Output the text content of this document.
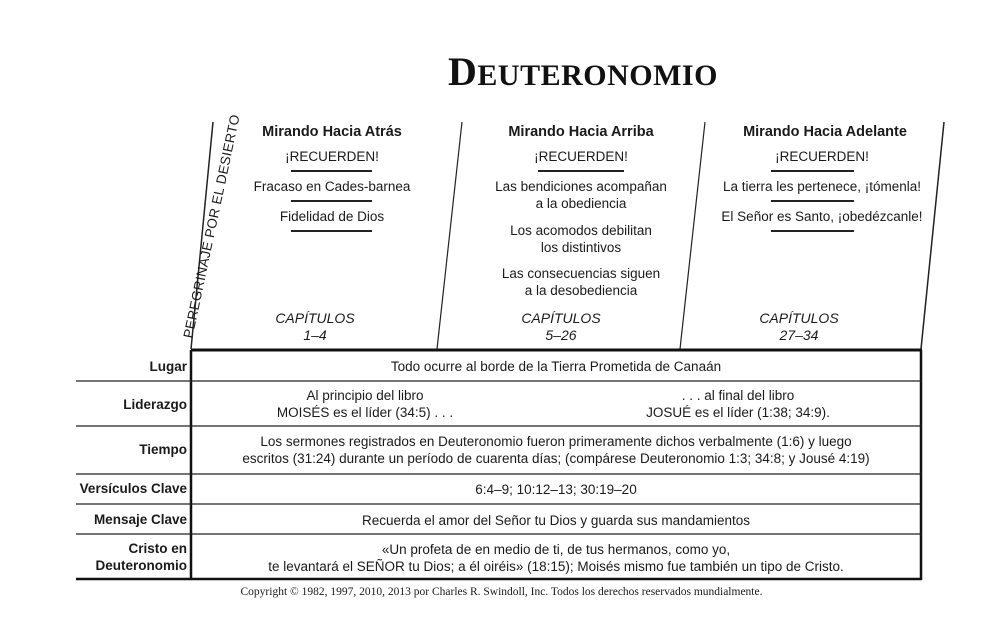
DEUTERONOMIO
PEREGRINAJE POR EL DESIERTO	Mirando Hacia Atrás
¡RECUERDEN!
Fracaso en Cades-barnea
Fidelidad de Dios
CAPÍTULOS
1–4
Mirando Hacia Arriba
¡RECUERDEN!
Las bendiciones acompañan
a la obediencia
Los acomodos debilitan
los distintivos
Las consecuencias siguen
a la desobediencia
CAPÍTULOS
5–26
Mirando Hacia Adelante
¡RECUERDEN!
La tierra les pertenece, ¡tómenla!
El Señor es Santo, ¡obedézcanle!
CAPÍTULOS
27–34
Lugar
Liderazgo
Tiempo
Versículos Clave
Mensaje Clave
Cristo en
Deuteronomio
Todo ocurre al borde de la Tierra Prometida de Canaán
Al principio del libro
MOISÉS es el líder (34:5) . . .
. . . al final del libro
JOSUÉ es el líder (1:38; 34:9).
Los sermones registrados en Deuteronomio fueron primeramente dichos verbalmente (1:6) y luego
escritos (31:24) durante un período de cuarenta días; (compárese Deuteronomio 1:3; 34:8; y Jousé 4:19)
6:4–9; 10:12–13; 30:19–20
Recuerda el amor del Señor tu Dios y guarda sus mandamientos
«Un profeta de en medio de ti, de tus hermanos, como yo,
te levantará el SEÑOR tu Dios; a él oiréis» (18:15); Moisés mismo fue también un tipo de Cristo.
Copyright © 1982, 1997, 2010, 2013 por Charles R. Swindoll, Inc. Todos los derechos reservados mundialmente.
